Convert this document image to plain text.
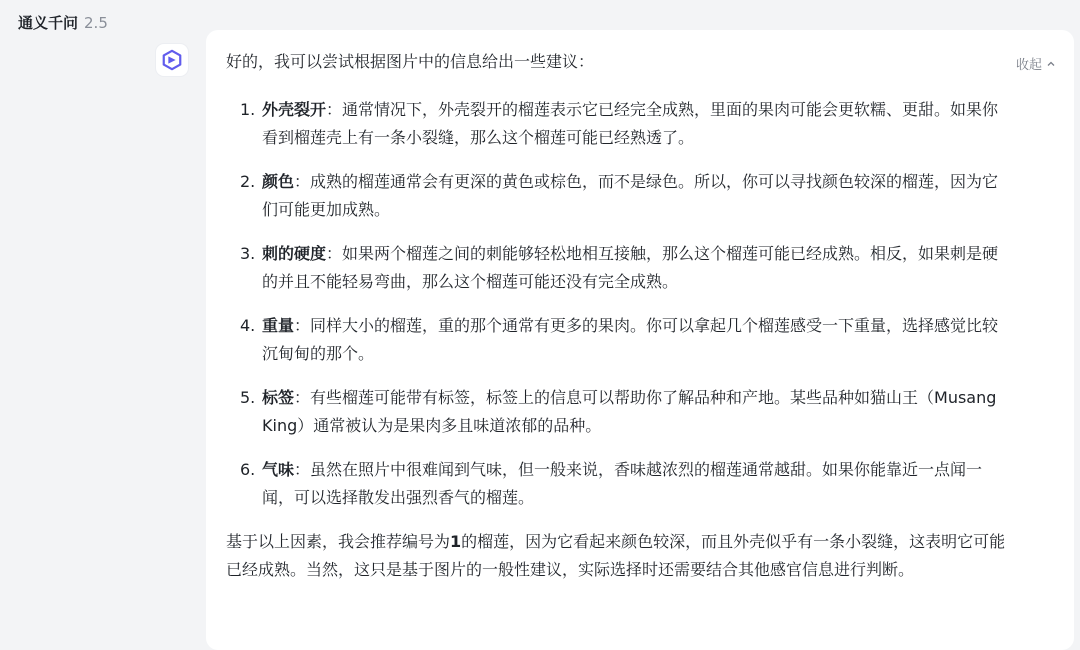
通义千问 2.5
收起
好的，我可以尝试根据图片中的信息给出一些建议：
1. 外壳裂开：通常情况下，外壳裂开的榴莲表示它已经完全成熟，里面的果肉可能会更软糯、更甜。如果你看到榴莲壳上有一条小裂缝，那么这个榴莲可能已经熟透了。
2. 颜色：成熟的榴莲通常会有更深的黄色或棕色，而不是绿色。所以，你可以寻找颜色较深的榴莲，因为它们可能更加成熟。
3. 刺的硬度：如果两个榴莲之间的刺能够轻松地相互接触，那么这个榴莲可能已经成熟。相反，如果刺是硬的并且不能轻易弯曲，那么这个榴莲可能还没有完全成熟。
4. 重量：同样大小的榴莲，重的那个通常有更多的果肉。你可以拿起几个榴莲感受一下重量，选择感觉比较沉甸甸的那个。
5. 标签：有些榴莲可能带有标签，标签上的信息可以帮助你了解品种和产地。某些品种如猫山王（Musang King）通常被认为是果肉多且味道浓郁的品种。
6. 气味：虽然在照片中很难闻到气味，但一般来说，香味越浓烈的榴莲通常越甜。如果你能靠近一点闻一闻，可以选择散发出强烈香气的榴莲。
基于以上因素，我会推荐编号为1的榴莲，因为它看起来颜色较深，而且外壳似乎有一条小裂缝，这表明它可能已经成熟。当然，这只是基于图片的一般性建议，实际选择时还需要结合其他感官信息进行判断。
